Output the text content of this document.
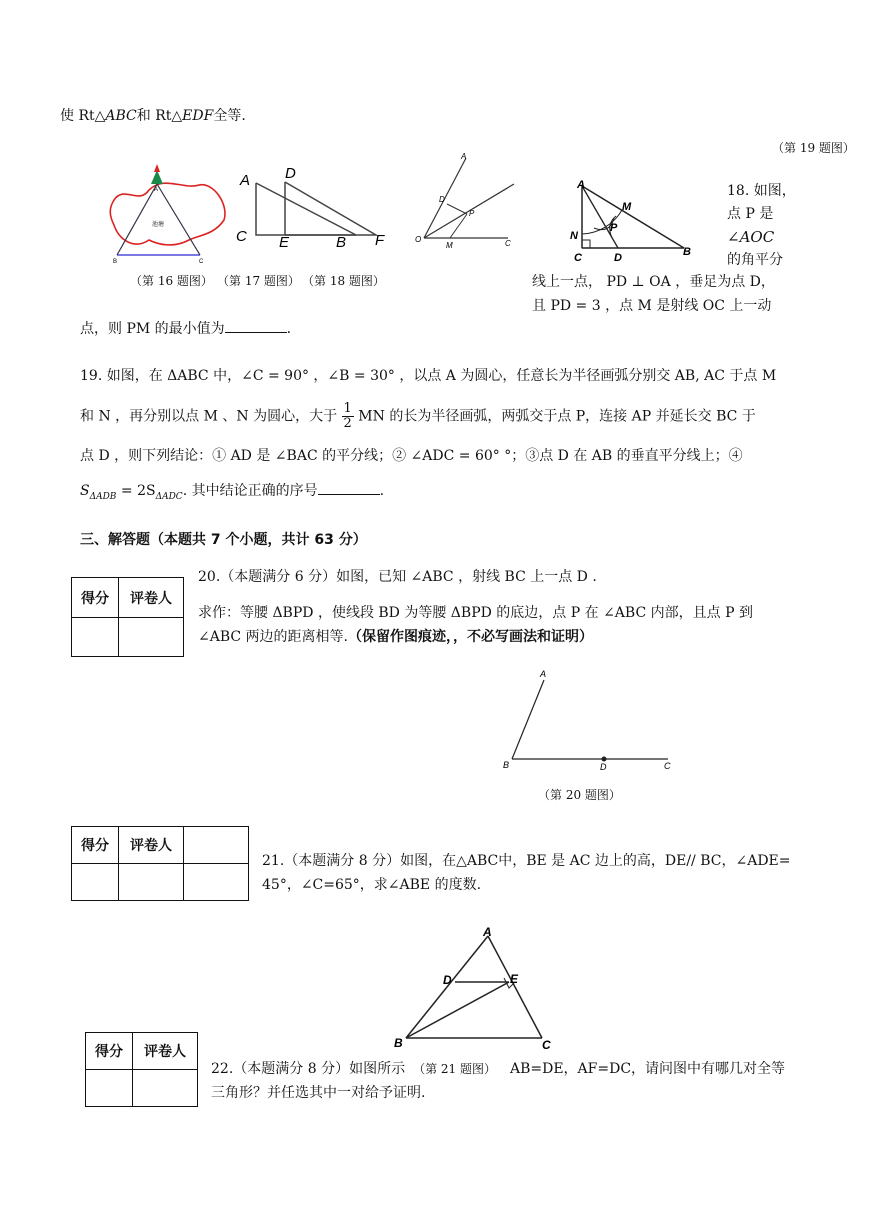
使 Rt△ABC和 Rt△EDF全等.
（第 19 题图）
A
池塘
B	C
A D
C E	B F
A
D
P
O
M	C
（第 16 题图） （第 17 题图） （第 18 题图）
A
M
N
P
C	D	B
18. 如图，
点 P 是
∠AOC
的角平分
线上一点， PD ⊥ OA ，垂足为点 D，
且 PD = 3 ，点 M 是射线 OC 上一动
点，则 PM 的最小值为	.
19. 如图，在 ΔABC 中，∠C = 90° ，∠B = 30° ，以点 A 为圆心，任意长为半径画弧分别交 AB, AC 于点 M
和 N ，再分别以点 M 、N 为圆心，大于 $\frac{1}{2}$ MN 的长为半径画弧，两弧交于点 P，连接 AP 并延长交 BC 于
点 D ，则下列结论：① AD 是 ∠BAC 的平分线；② ∠ADC = 60° °；③点 D 在 AB 的垂直平分线上；④
$S_{\Delta ADB} = 2S_{\Delta ADC}$. 其中结论正确的序号	.
三、解答题（本题共 7 个小题，共计 63 分）
得分	评卷人

20.（本题满分 6 分）如图，已知 ∠ABC ，射线 BC 上一点 D .
求作：等腰 ΔBPD ，使线段 BD 为等腰 ΔBPD 的底边，点 P 在 ∠ABC 内部，且点 P 到
∠ABC 两边的距离相等.（保留作图痕迹，，不必写画法和证明）
A
B	D	C
（第 20 题图）
得分	评卷人	

21.（本题满分 8 分）如图，在△ABC中，BE 是 AC 边上的高，DE// BC，∠ADE=
45°，∠C=65°，求∠ABE 的度数.
A
D	E
B	C
得分	评卷人

22.（本题满分 8 分）如图所示 （第 21 题图） AB=DE，AF=DC，请问图中有哪几对全等
三角形？并任选其中一对给予证明.
